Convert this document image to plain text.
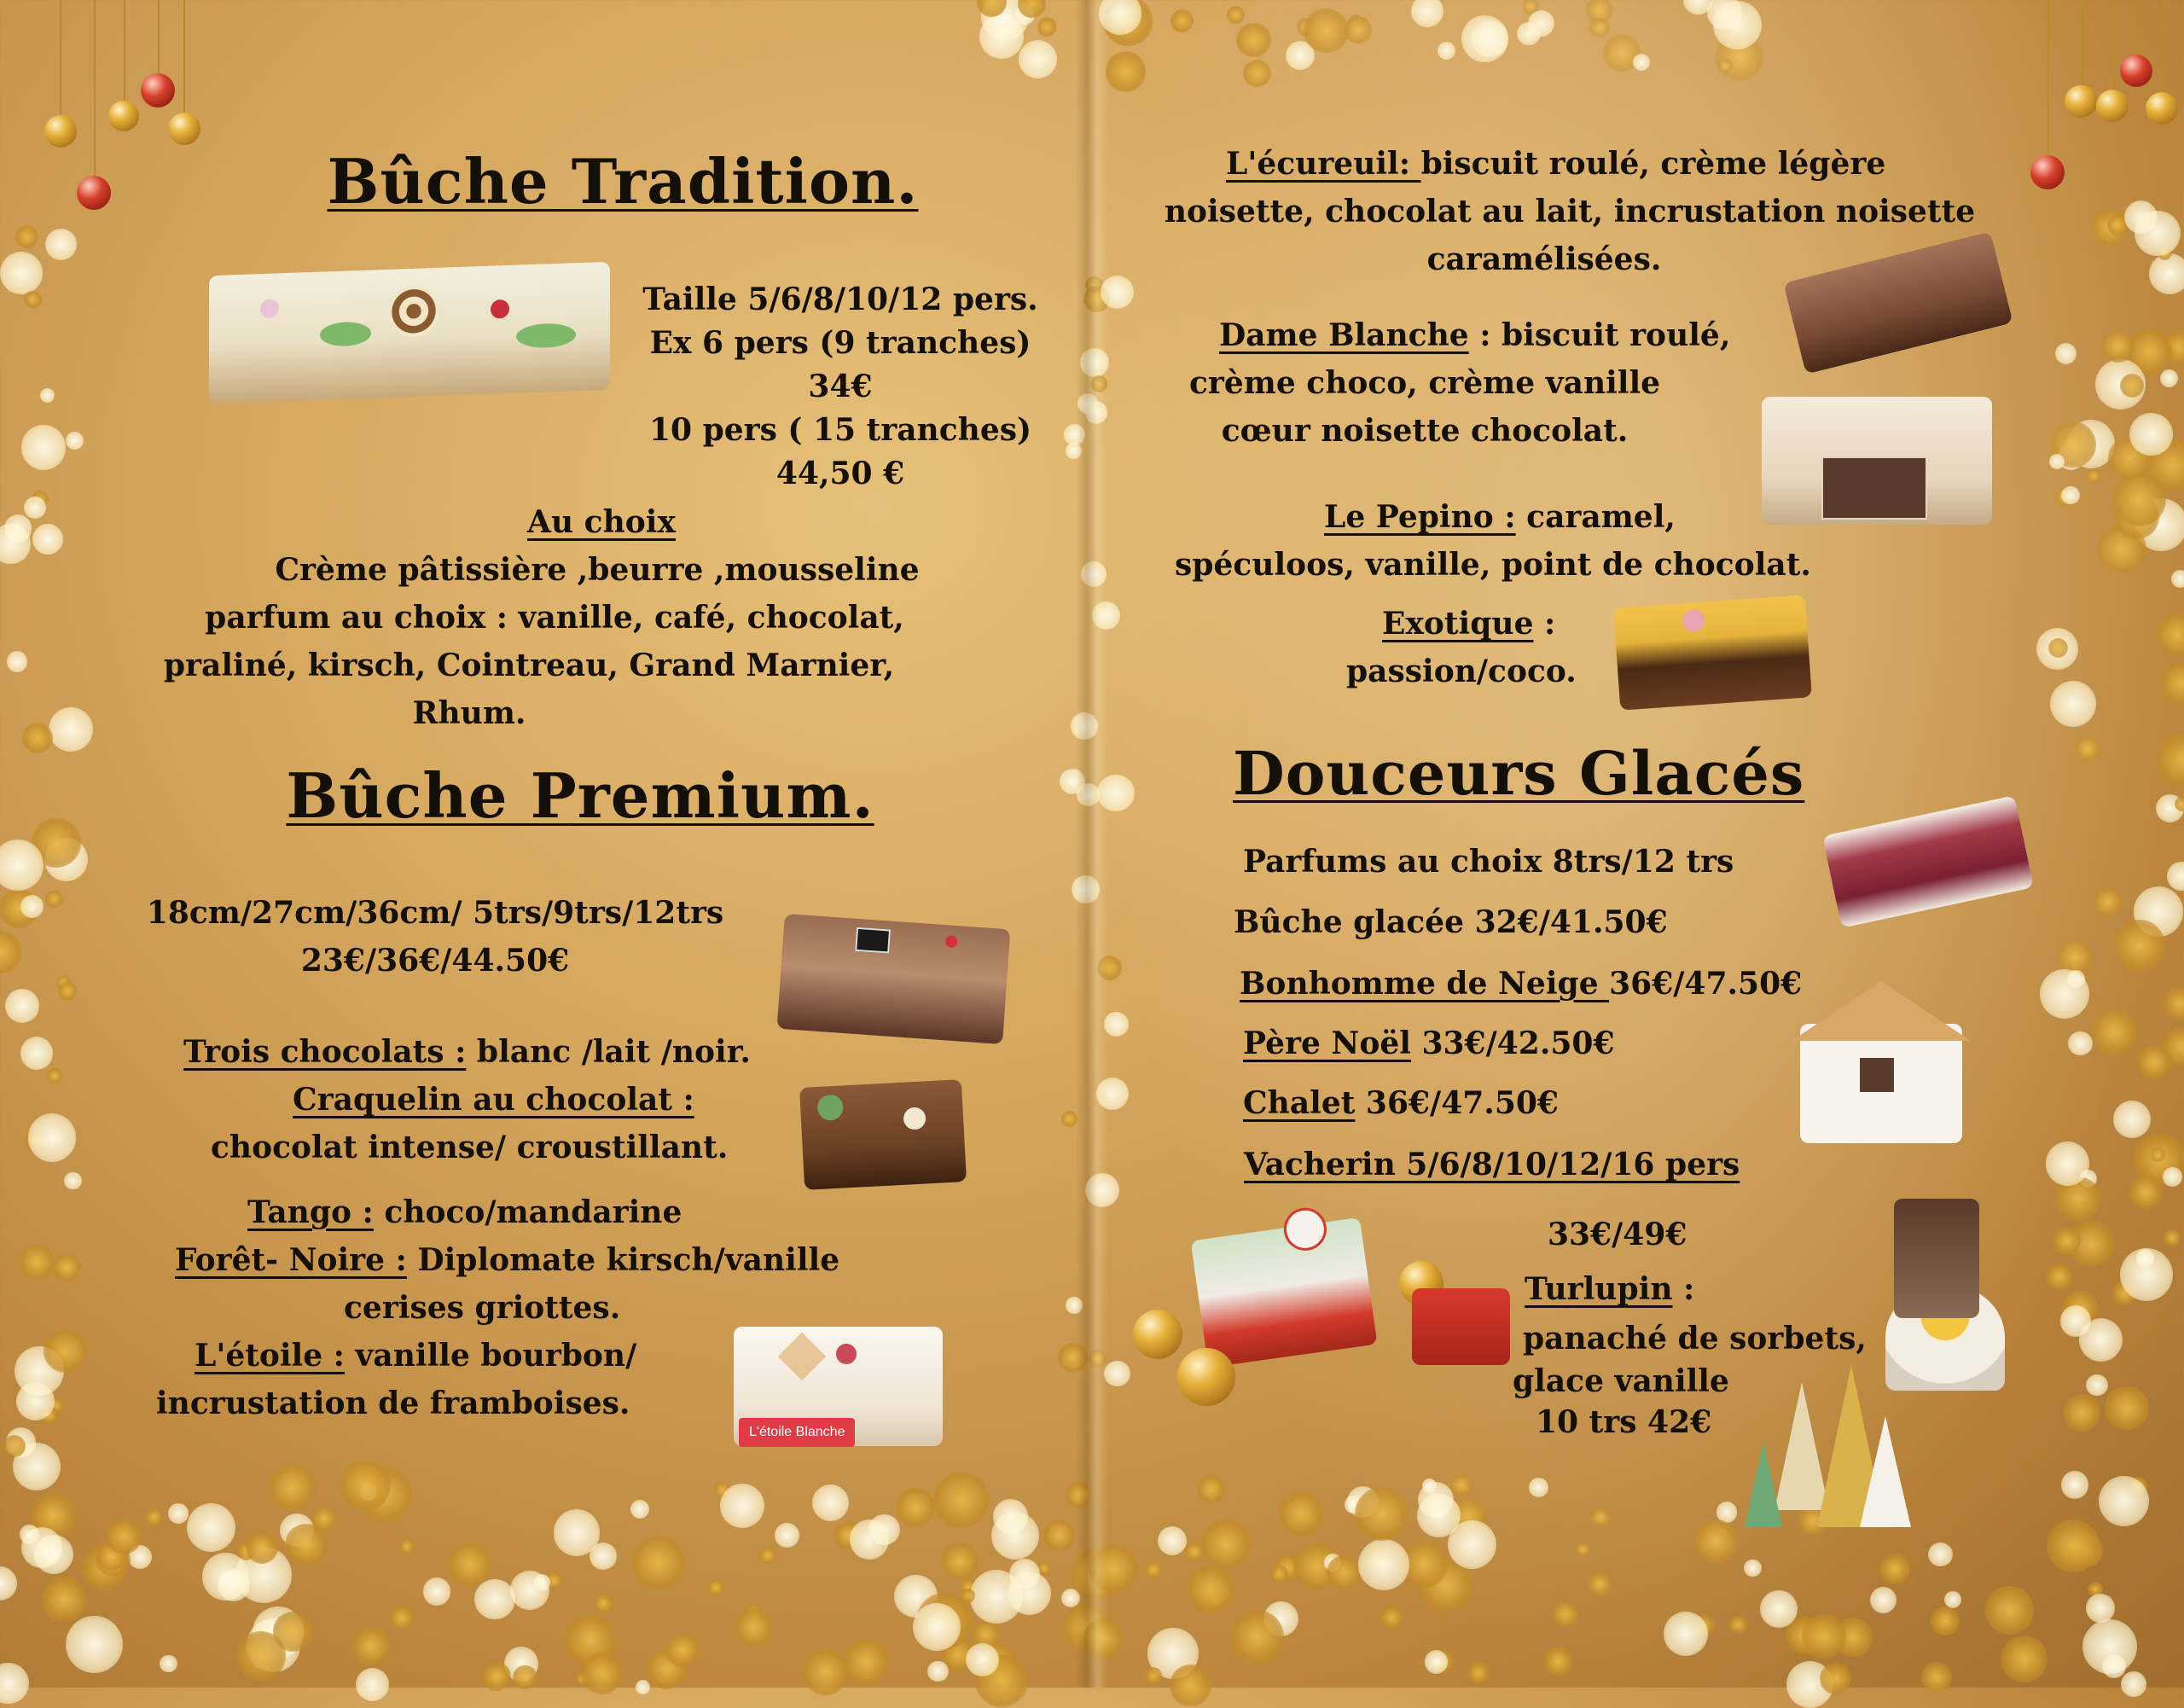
Bûche Tradition.
Taille 5/6/8/10/12 pers.
Ex 6 pers (9 tranches)
34€
10 pers ( 15 tranches)
44,50 €
Au choix
Crème pâtissière ,beurre ,mousseline
parfum au choix : vanille, café, chocolat,
praliné, kirsch, Cointreau, Grand Marnier,
Rhum.
Bûche Premium.
18cm/27cm/36cm/ 5trs/9trs/12trs
23€/36€/44.50€
Trois chocolats : blanc /lait /noir.
Craquelin au chocolat :
chocolat intense/ croustillant.
Tango : choco/mandarine
Forêt- Noire : Diplomate kirsch/vanille
cerises griottes.
L'étoile : vanille bourbon/
incrustation de framboises.
L'étoile Blanche
L'écureuil: biscuit roulé, crème légère
noisette, chocolat au lait, incrustation noisette
caramélisées.
Dame Blanche : biscuit roulé,
crème choco, crème vanille
cœur noisette chocolat.
Le Pepino : caramel,
spéculoos, vanille, point de chocolat.
Exotique :
passion/coco.
Douceurs Glacés
Parfums au choix 8trs/12 trs
Bûche glacée 32€/41.50€
Bonhomme de Neige 36€/47.50€
Père Noël 33€/42.50€
Chalet 36€/47.50€
Vacherin 5/6/8/10/12/16 pers
33€/49€
Turlupin :
panaché de sorbets,
glace vanille
10 trs 42€
